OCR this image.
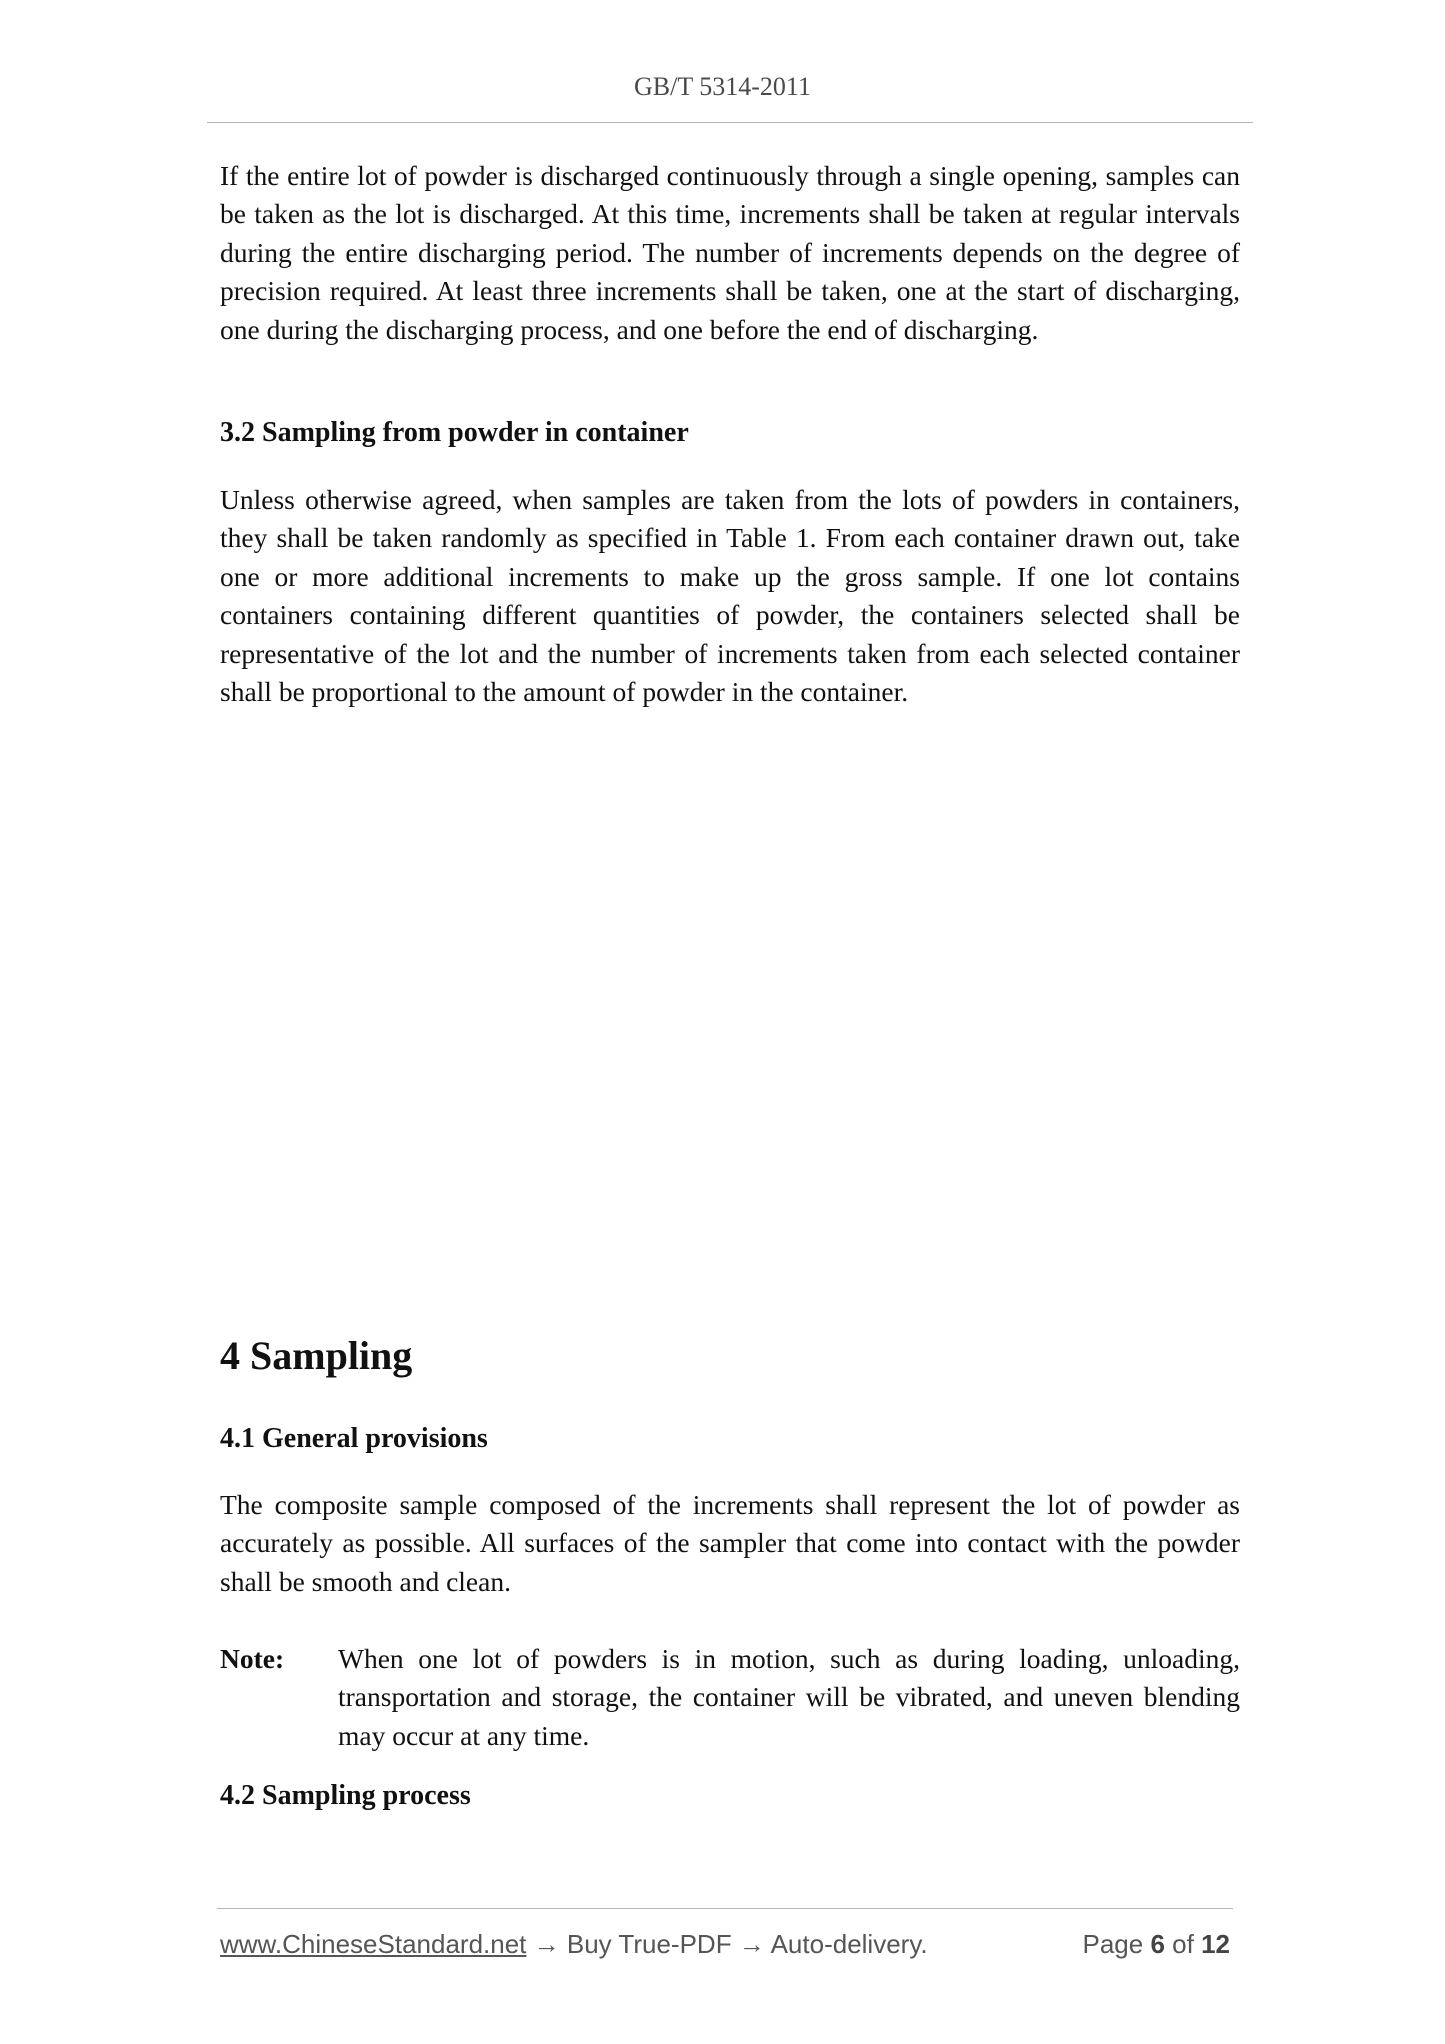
GB/T 5314-2011

If the entire lot of powder is discharged continuously through a single opening, samples can be taken as the lot is discharged. At this time, increments shall be taken at regular intervals during the entire discharging period. The number of increments depends on the degree of precision required. At least three increments shall be taken, one at the start of discharging, one during the discharging process, and one before the end of discharging.

3.2 Sampling from powder in container

Unless otherwise agreed, when samples are taken from the lots of powders in containers, they shall be taken randomly as specified in Table 1. From each container drawn out, take one or more additional increments to make up the gross sample. If one lot contains containers containing different quantities of powder, the containers selected shall be representative of the lot and the number of increments taken from each selected container shall be proportional to the amount of powder in the container.

4 Sampling
4.1 General provisions

The composite sample composed of the increments shall represent the lot of powder as accurately as possible. All surfaces of the sampler that come into contact with the powder shall be smooth and clean.

Note: When one lot of powders is in motion, such as during loading, unloading, transportation and storage, the container will be vibrated, and uneven blending may occur at any time.
4.2 Sampling process
www.ChineseStandard.net → Buy True-PDF → Auto-delivery.	Page 6 of 12
